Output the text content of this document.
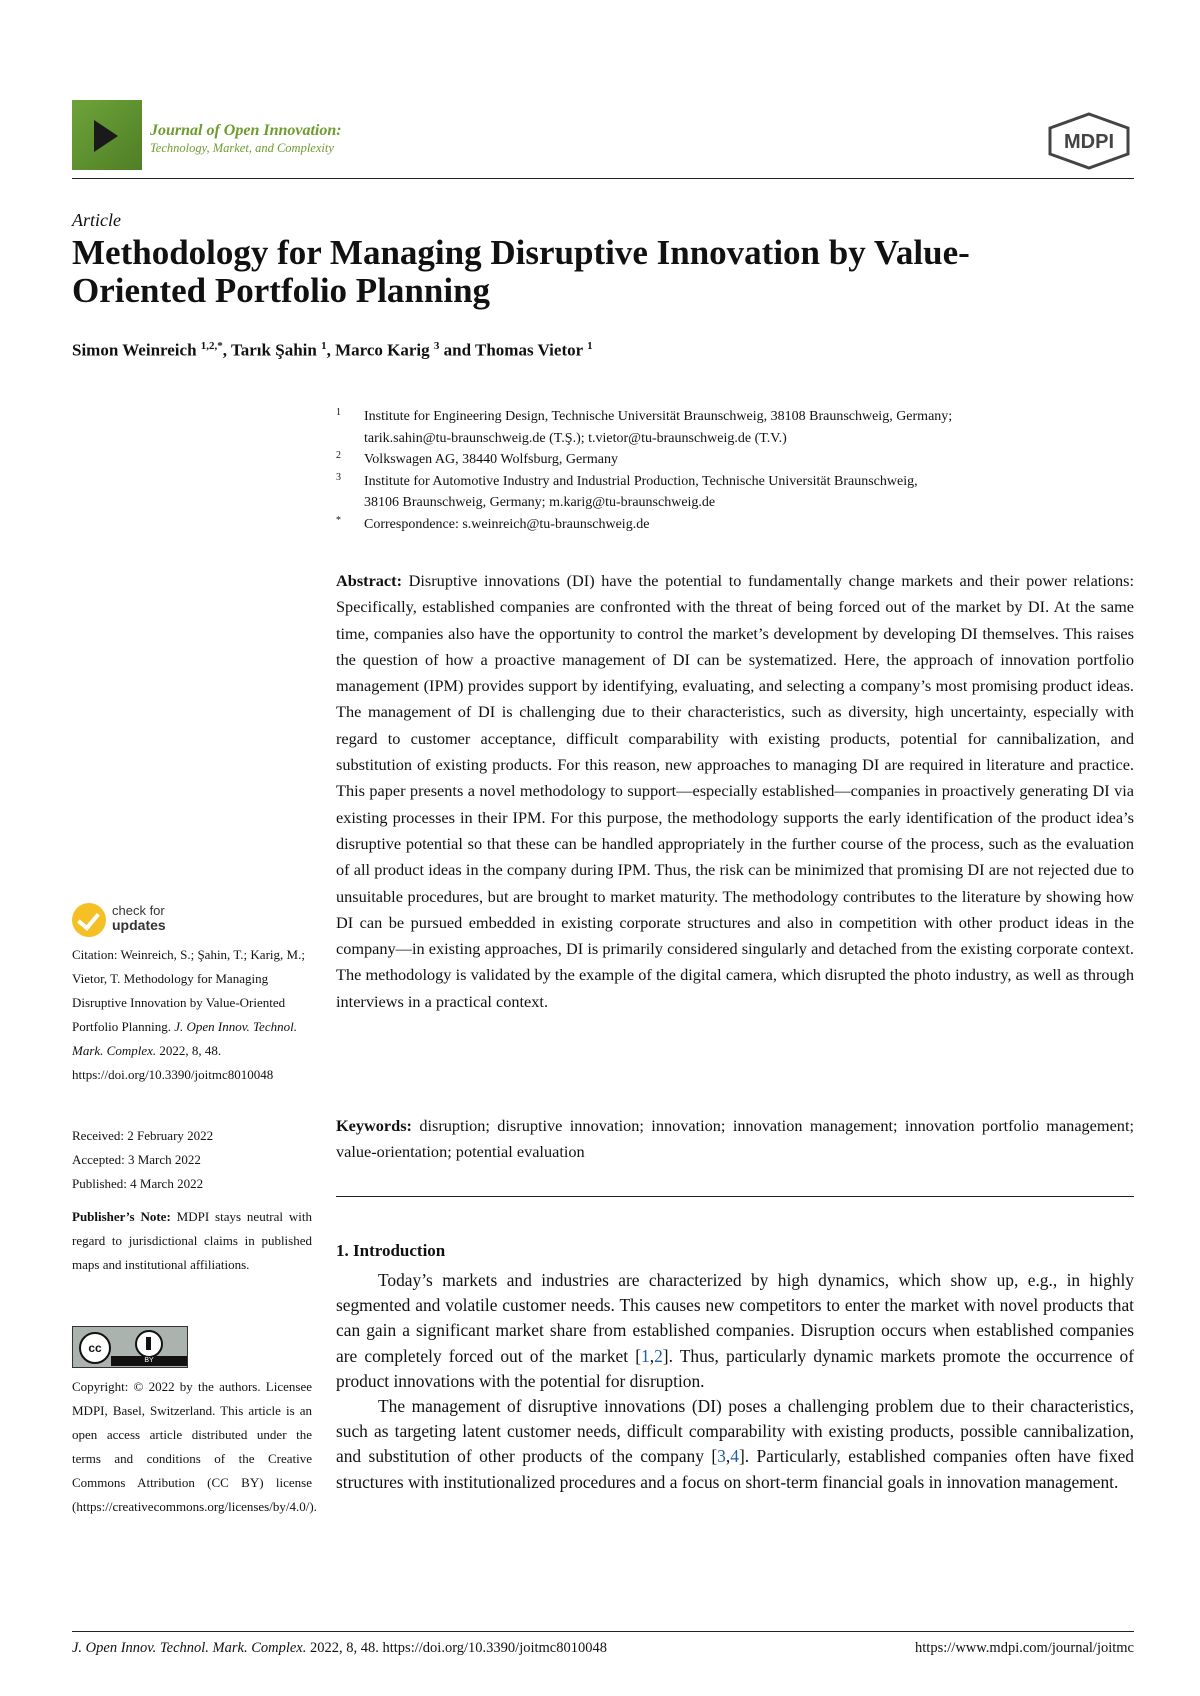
Journal of Open Innovation:
Technology, Market, and Complexity	MDPI
Article
Methodology for Managing Disruptive Innovation by Value-Oriented Portfolio Planning
Simon Weinreich $^{1,2,*}$, Tarık Şahin $^1$, Marco Karig $^3$ and Thomas Vietor $^1$
1 Institute for Engineering Design, Technische Universität Braunschweig, 38108 Braunschweig, Germany;
tarik.sahin@tu-braunschweig.de (T.Ş.); t.vietor@tu-braunschweig.de (T.V.)
2 Volkswagen AG, 38440 Wolfsburg, Germany
3 Institute for Automotive Industry and Industrial Production, Technische Universität Braunschweig,
38106 Braunschweig, Germany; m.karig@tu-braunschweig.de
* Correspondence: s.weinreich@tu-braunschweig.de
Abstract: Disruptive innovations (DI) have the potential to fundamentally change markets and their power relations: Specifically, established companies are confronted with the threat of being forced out of the market by DI. At the same time, companies also have the opportunity to control the market’s development by developing DI themselves. This raises the question of how a proactive management of DI can be systematized. Here, the approach of innovation portfolio management (IPM) provides support by identifying, evaluating, and selecting a company’s most promising product ideas. The management of DI is challenging due to their characteristics, such as diversity, high uncertainty, especially with regard to customer acceptance, difficult comparability with existing products, potential for cannibalization, and substitution of existing products. For this reason, new approaches to managing DI are required in literature and practice. This paper presents a novel methodology to support—especially established—companies in proactively generating DI via existing processes in their IPM. For this purpose, the methodology supports the early identification of the product idea’s disruptive potential so that these can be handled appropriately in the further course of the process, such as the evaluation of all product ideas in the company during IPM. Thus, the risk can be minimized that promising DI are not rejected due to unsuitable procedures, but are brought to market maturity. The methodology contributes to the literature by showing how DI can be pursued embedded in existing corporate structures and also in competition with other product ideas in the company—in existing approaches, DI is primarily considered singularly and detached from the existing corporate context. The methodology is validated by the example of the digital camera, which disrupted the photo industry, as well as through interviews in a practical context.
Keywords: disruption; disruptive innovation; innovation; innovation management; innovation portfolio management; value-orientation; potential evaluation
1. Introduction

Today’s markets and industries are characterized by high dynamics, which show up, e.g., in highly segmented and volatile customer needs. This causes new competitors to enter the market with novel products that can gain a significant market share from established companies. Disruption occurs when established companies are completely forced out of the market [1,2]. Thus, particularly dynamic markets promote the occurrence of product innovations with the potential for disruption.

The management of disruptive innovations (DI) poses a challenging problem due to their characteristics, such as targeting latent customer needs, difficult comparability with existing products, possible cannibalization, and substitution of other products of the company [3,4]. Particularly, established companies often have fixed structures with institutionalized procedures and a focus on short-term financial goals in innovation management.

check for
updates
Citation: Weinreich, S.; Şahin, T.; Karig, M.; Vietor, T. Methodology for Managing Disruptive Innovation by Value-Oriented Portfolio Planning. J. Open Innov. Technol. Mark. Complex. 2022, 8, 48. https://doi.org/10.3390/joitmc8010048
Received: 2 February 2022
Accepted: 3 March 2022
Published: 4 March 2022
Publisher’s Note: MDPI stays neutral with regard to jurisdictional claims in published maps and institutional affiliations.
cc
BY
Copyright: © 2022 by the authors. Licensee MDPI, Basel, Switzerland. This article is an open access article distributed under the terms and conditions of the Creative Commons Attribution (CC BY) license (https://creativecommons.org/licenses/by/4.0/).
J. Open Innov. Technol. Mark. Complex. 2022, 8, 48. https://doi.org/10.3390/joitmc8010048	https://www.mdpi.com/journal/joitmc
